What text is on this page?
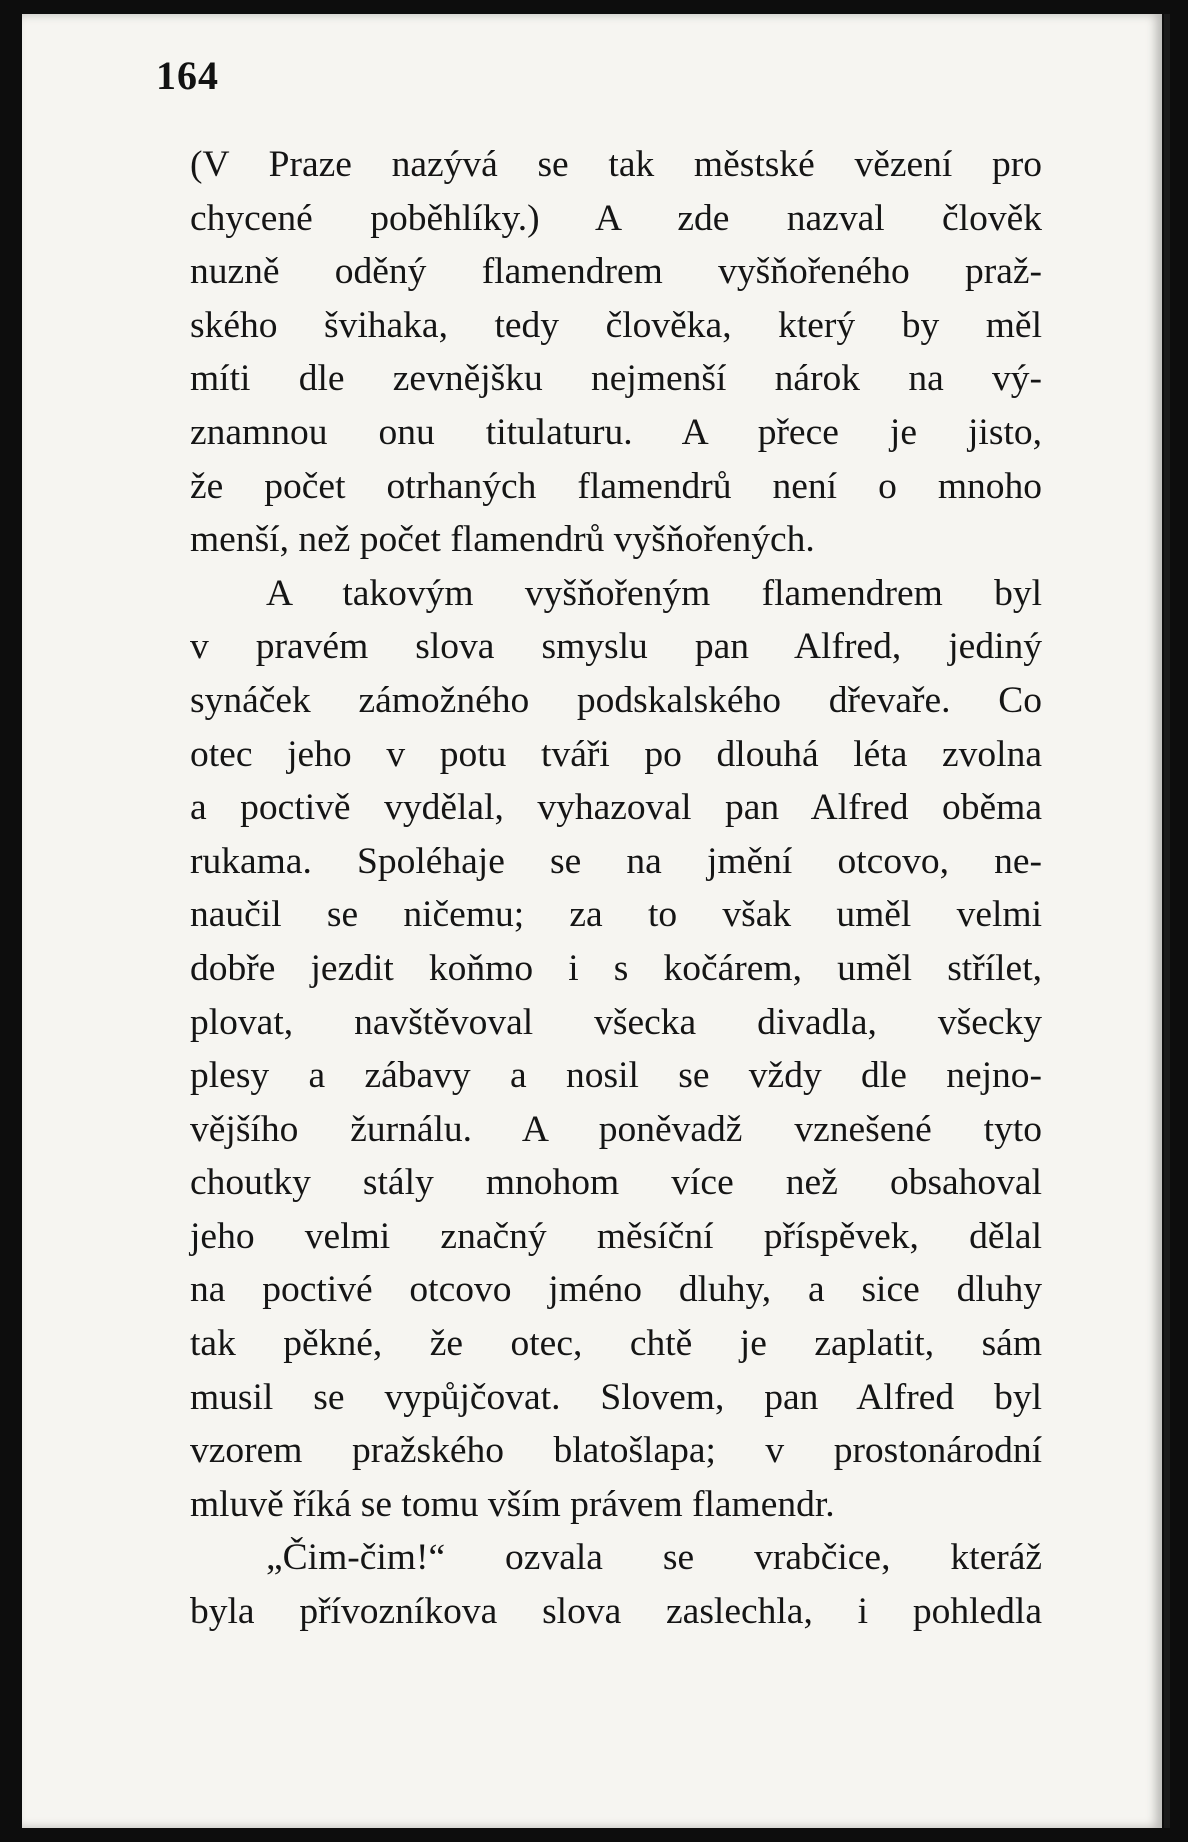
164
(V Praze nazývá se tak městské vězení pro
chycené poběhlíky.) A zde nazval člověk
nuzně oděný flamendrem vyšňořeného praž-
ského švihaka, tedy člověka, který by měl
míti dle zevnějšku nejmenší nárok na vý-
znamnou onu titulaturu. A přece je jisto,
že počet otrhaných flamendrů není o mnoho
menší, než počet flamendrů vyšňořených.
A takovým vyšňořeným flamendrem byl
v pravém slova smyslu pan Alfred, jediný
synáček zámožného podskalského dřevaře. Co
otec jeho v potu tváři po dlouhá léta zvolna
a poctivě vydělal, vyhazoval pan Alfred oběma
rukama. Spoléhaje se na jmění otcovo, ne-
naučil se ničemu; za to však uměl velmi
dobře jezdit koňmo i s kočárem, uměl střílet,
plovat, navštěvoval všecka divadla, všecky
plesy a zábavy a nosil se vždy dle nejno-
vějšího žurnálu. A poněvadž vznešené tyto
choutky stály mnohom více než obsahoval
jeho velmi značný měsíční příspěvek, dělal
na poctivé otcovo jméno dluhy, a sice dluhy
tak pěkné, že otec, chtě je zaplatit, sám
musil se vypůjčovat. Slovem, pan Alfred byl
vzorem pražského blatošlapa; v prostonárodní
mluvě říká se tomu vším právem flamendr.
„Čim-čim!“ ozvala se vrabčice, kteráž
byla přívozníkova slova zaslechla, i pohledla
